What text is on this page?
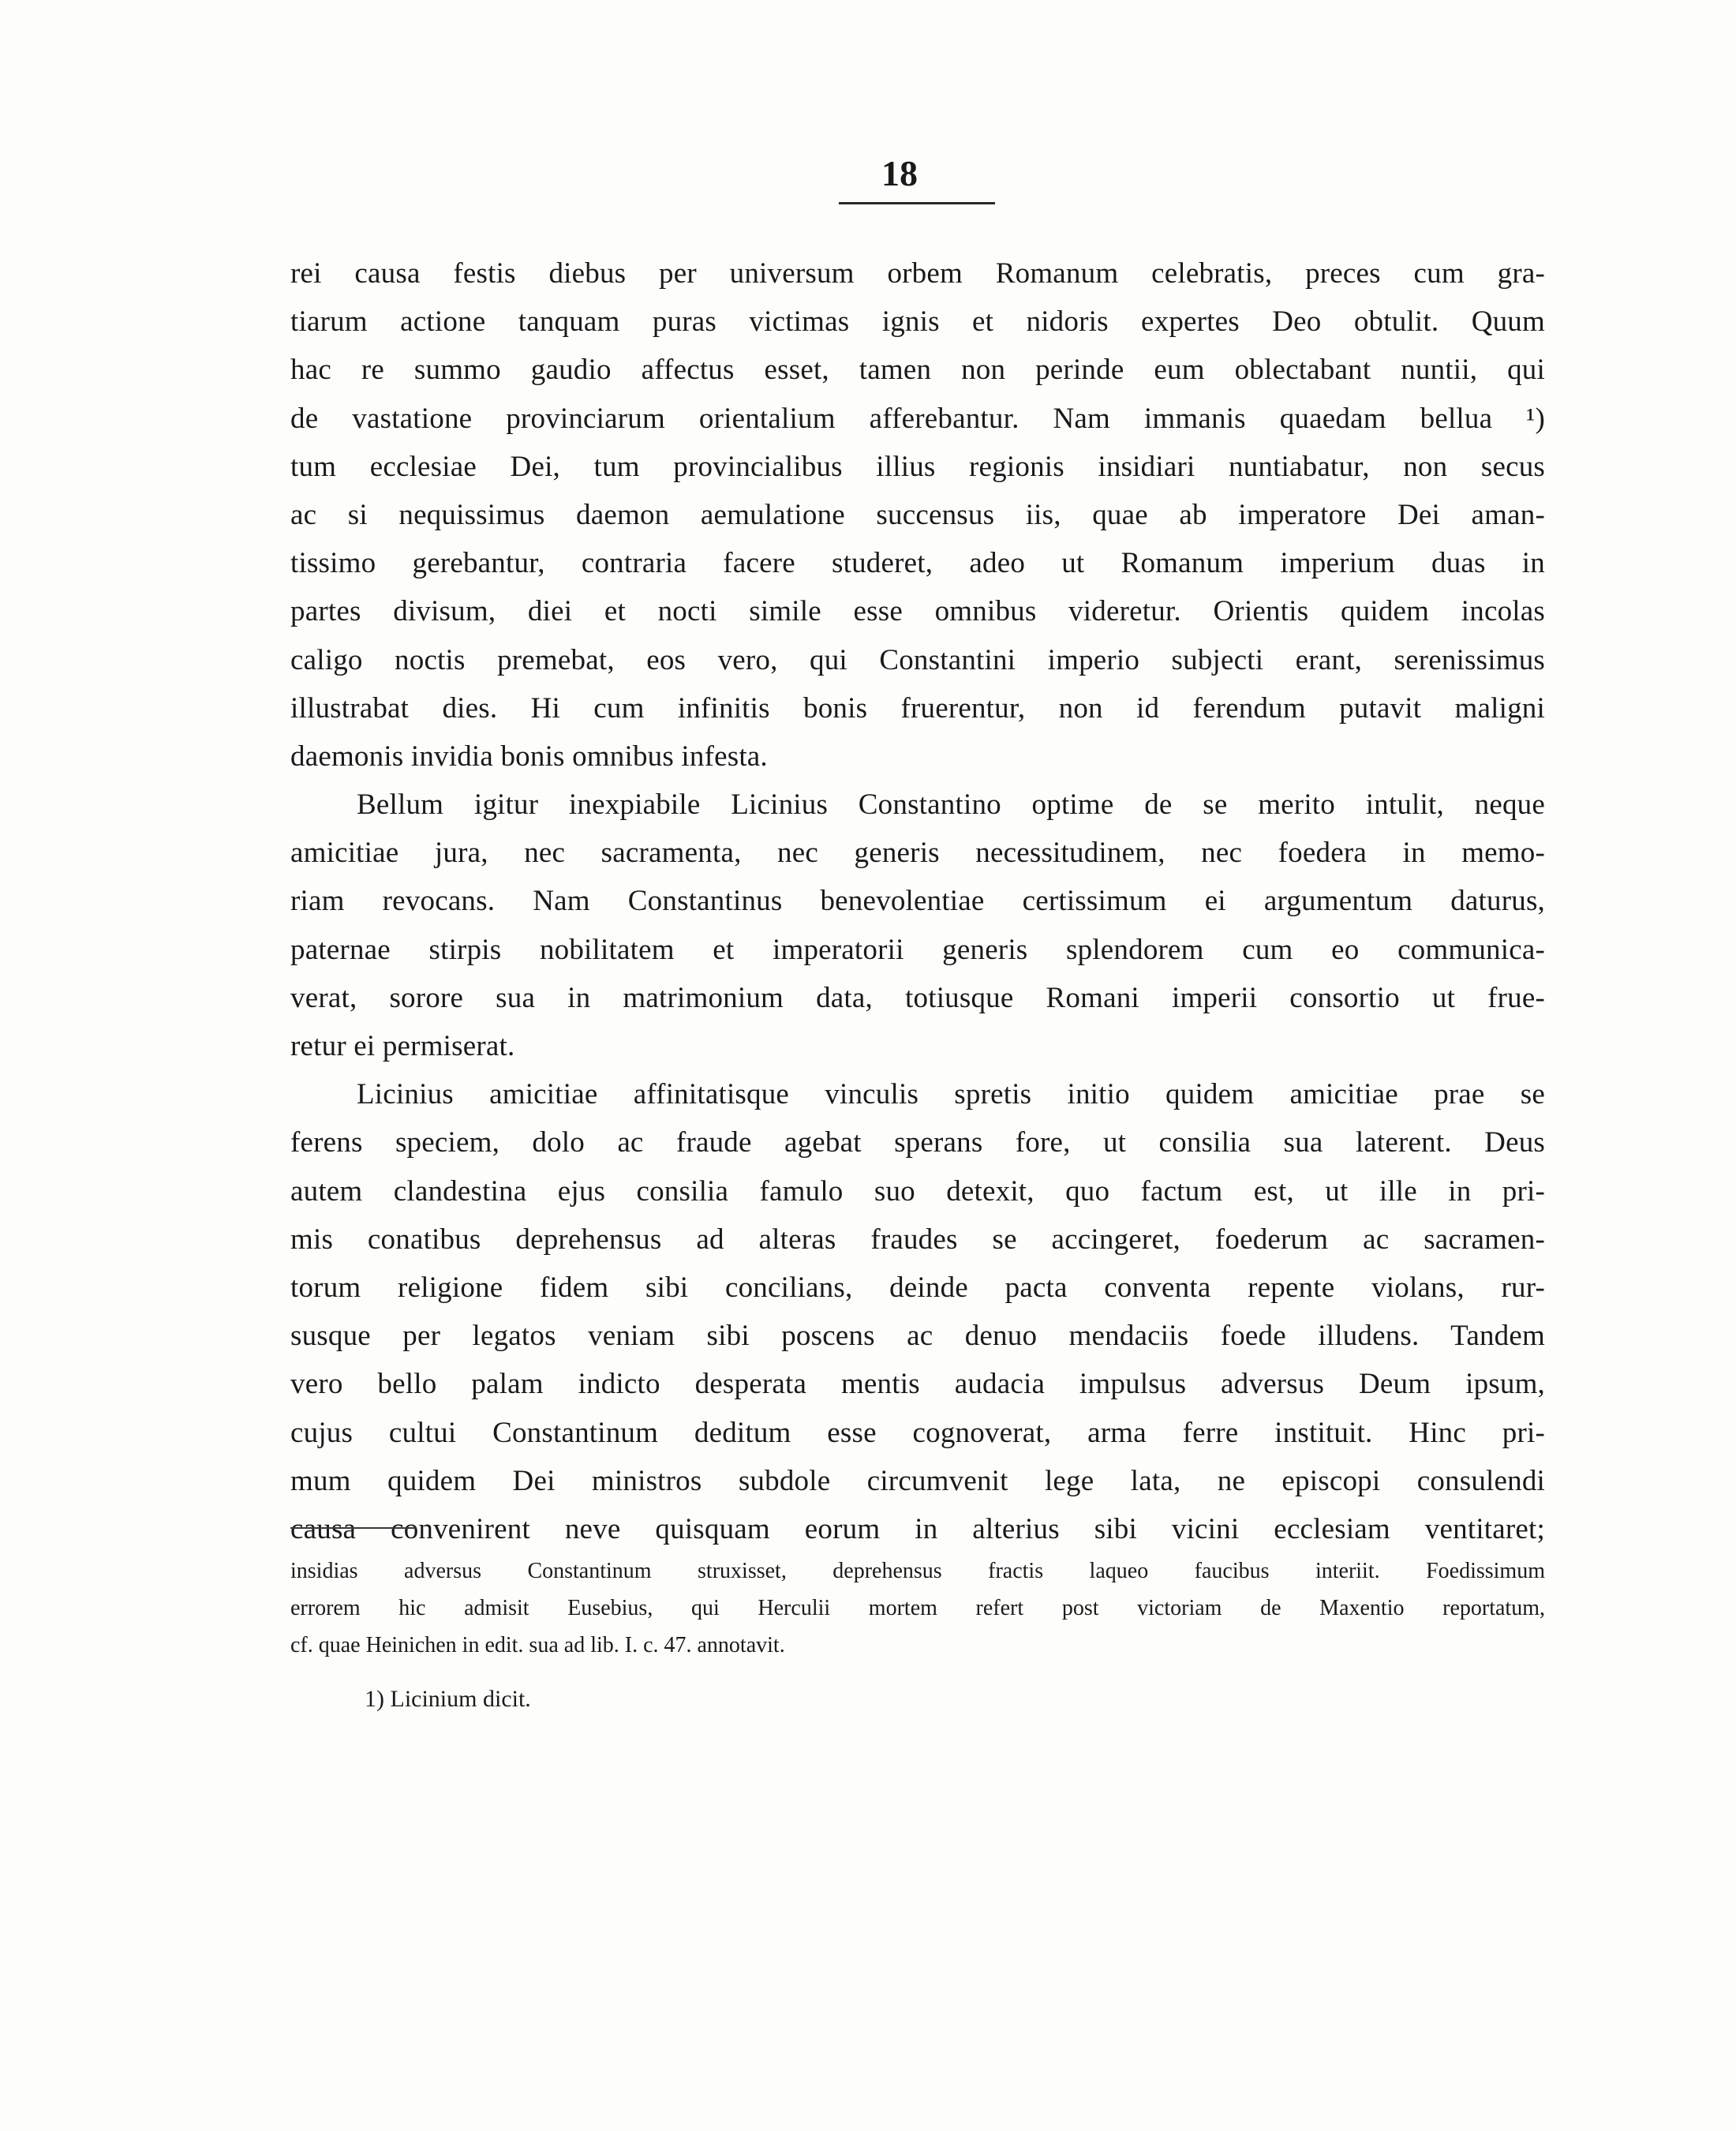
18
rei causa festis diebus per universum orbem Romanum celebratis, preces cum gra-
tiarum actione tanquam puras victimas ignis et nidoris expertes Deo obtulit. Quum
hac re summo gaudio affectus esset, tamen non perinde eum oblectabant nuntii, qui
de vastatione provinciarum orientalium afferebantur. Nam immanis quaedam bellua ¹)
tum ecclesiae Dei, tum provincialibus illius regionis insidiari nuntiabatur, non secus
ac si nequissimus daemon aemulatione succensus iis, quae ab imperatore Dei aman-
tissimo gerebantur, contraria facere studeret, adeo ut Romanum imperium duas in
partes divisum, diei et nocti simile esse omnibus videretur. Orientis quidem incolas
caligo noctis premebat, eos vero, qui Constantini imperio subjecti erant, serenissimus
illustrabat dies. Hi cum infinitis bonis fruerentur, non id ferendum putavit maligni
daemonis invidia bonis omnibus infesta.
Bellum igitur inexpiabile Licinius Constantino optime de se merito intulit, neque
amicitiae jura, nec sacramenta, nec generis necessitudinem, nec foedera in memo-
riam revocans. Nam Constantinus benevolentiae certissimum ei argumentum daturus,
paternae stirpis nobilitatem et imperatorii generis splendorem cum eo communica-
verat, sorore sua in matrimonium data, totiusque Romani imperii consortio ut frue-
retur ei permiserat.
Licinius amicitiae affinitatisque vinculis spretis initio quidem amicitiae prae se
ferens speciem, dolo ac fraude agebat sperans fore, ut consilia sua laterent. Deus
autem clandestina ejus consilia famulo suo detexit, quo factum est, ut ille in pri-
mis conatibus deprehensus ad alteras fraudes se accingeret, foederum ac sacramen-
torum religione fidem sibi concilians, deinde pacta conventa repente violans, rur-
susque per legatos veniam sibi poscens ac denuo mendaciis foede illudens. Tandem
vero bello palam indicto desperata mentis audacia impulsus adversus Deum ipsum,
cujus cultui Constantinum deditum esse cognoverat, arma ferre instituit. Hinc pri-
mum quidem Dei ministros subdole circumvenit lege lata, ne episcopi consulendi
causa convenirent neve quisquam eorum in alterius sibi vicini ecclesiam ventitaret;
insidias adversus Constantinum struxisset, deprehensus fractis laqueo faucibus interiit. Foedissimum
errorem hic admisit Eusebius, qui Herculii mortem refert post victoriam de Maxentio reportatum,
cf. quae Heinichen in edit. sua ad lib. I. c. 47. annotavit.
1) Licinium dicit.
